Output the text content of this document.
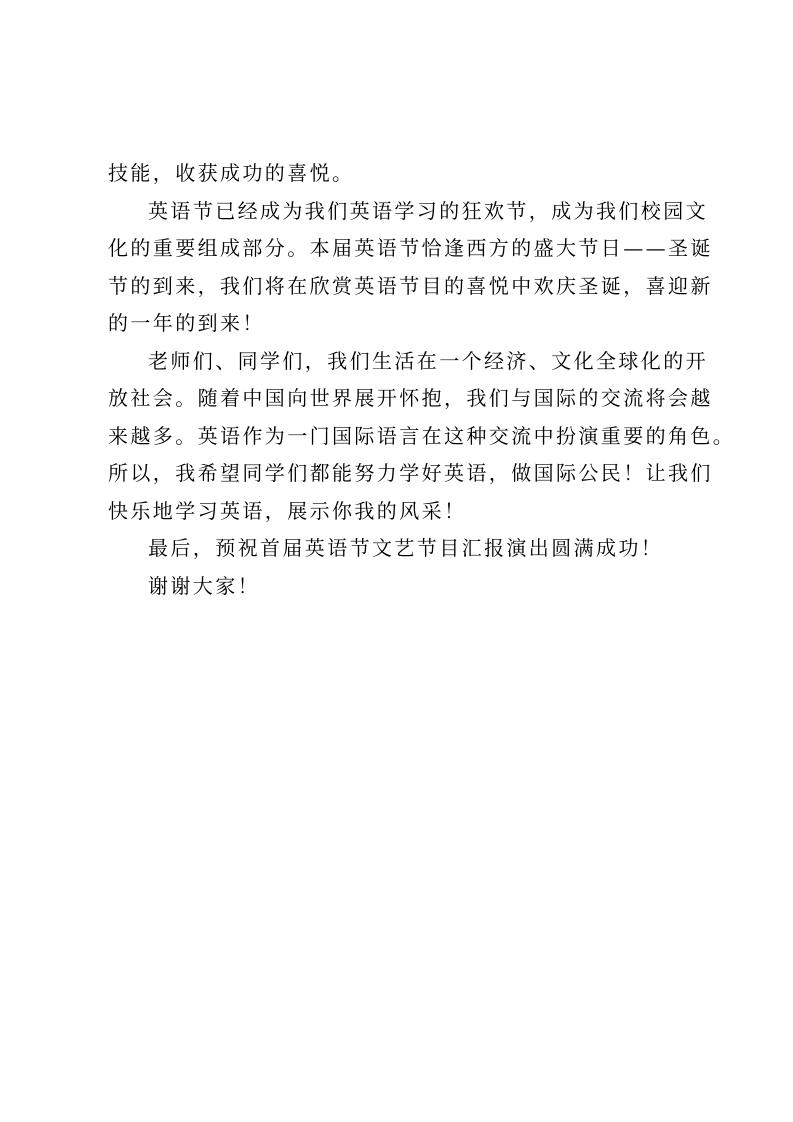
技能，收获成功的喜悦。
英语节已经成为我们英语学习的狂欢节，成为我们校园文
化的重要组成部分。本届英语节恰逢西方的盛大节日——圣诞
节的到来，我们将在欣赏英语节目的喜悦中欢庆圣诞，喜迎新
的一年的到来！
老师们、同学们，我们生活在一个经济、文化全球化的开
放社会。随着中国向世界展开怀抱，我们与国际的交流将会越
来越多。英语作为一门国际语言在这种交流中扮演重要的角色。
所以，我希望同学们都能努力学好英语，做国际公民！让我们
快乐地学习英语，展示你我的风采！
最后，预祝首届英语节文艺节目汇报演出圆满成功！
谢谢大家！
